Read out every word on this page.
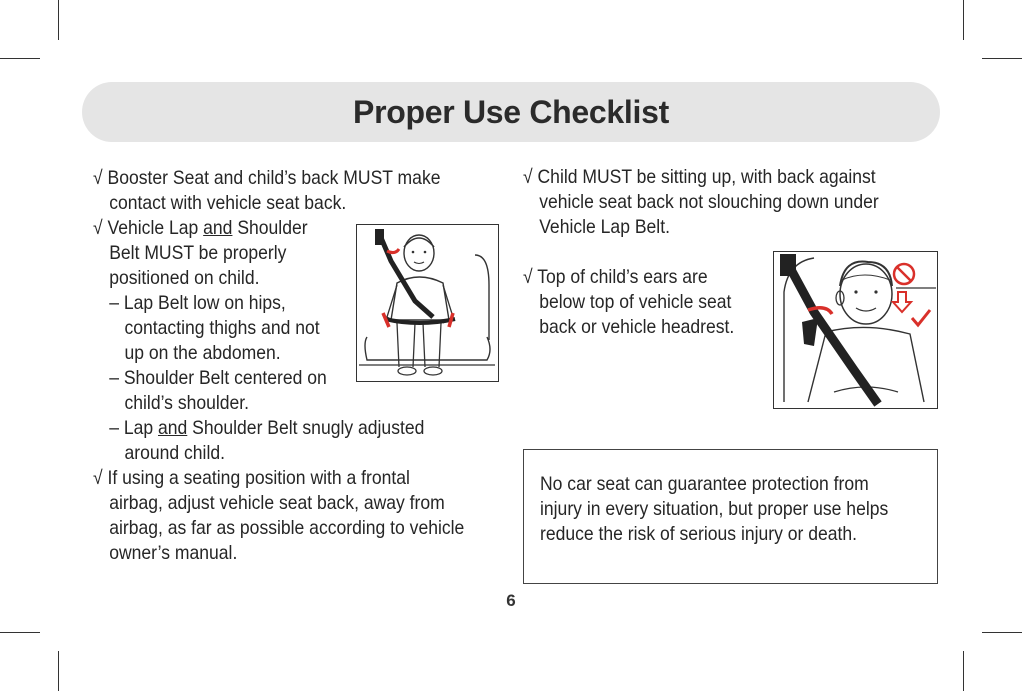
Proper Use Checklist
√ Booster Seat and child’s back MUST make
contact with vehicle seat back.
√ Vehicle Lap and Shoulder
Belt MUST be properly
positioned on child.
– Lap Belt low on hips,
contacting thighs and not
up on the abdomen.
– Shoulder Belt centered on
child’s shoulder.
– Lap and Shoulder Belt snugly adjusted
around child.
√ If using a seating position with a frontal
airbag, adjust vehicle seat back, away from
airbag, as far as possible according to vehicle
owner’s manual.
√ Child MUST be sitting up, with back against
vehicle seat back not slouching down under
Vehicle Lap Belt.
√ Top of child’s ears are
below top of vehicle seat
back or vehicle headrest.
No car seat can guarantee protection from
injury in every situation, but proper use helps
reduce the risk of serious injury or death.
6
